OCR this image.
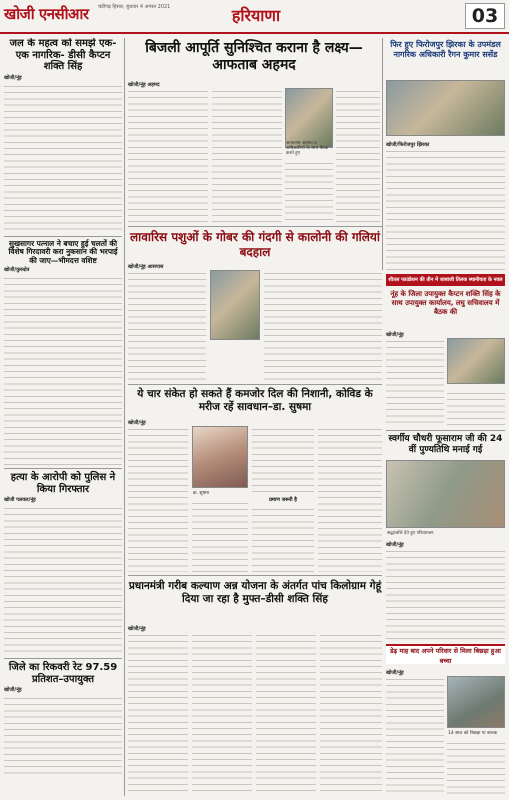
खोजी एनसीआर चंडीगढ़ हिसार, बुधवार 4 अगस्त 2021	हरियाणा	03
जल के महत्व को समझे एक-एक नागरिक- डीसी कैप्टन शक्ति सिंह
खोजी/नूंह
सुखसागर पत्नाल ने बचाए हुई चलतों की विशेष गिरदावरी करा नुकसान की भरपाई की जाए—भीमदत्त वशिष्ट
खोजी/कुरुक्षेत्र
हत्या के आरोपी को पुलिस ने किया गिरफ्तार
खोजी पलवल/नूंह
जिले का रिकवरी रेट 97.59 प्रतिशत–उपायुक्त
खोजी/नूंह
बिजली आपूर्ति सुनिश्चित कराना है लक्ष्य—आफताब अहमद
खोजी/नूंह अहमद
आफताब अहमद व अधिकारियों के साथ बैठक करते हुए
फिर हुए फिरोजपुर झिरका के उपमंडल नागरिक अधिकारी रैगन कुमार ससेंड
खोजी/फिरोजपुर झिरका
लावारिस पशुओं के गोबर की गंदगी से कालोनी की गलियां बदहाल
खोजी/नूंह आसपास
शीतल फाउंडेशन की तीन में जाबाजी तिलक स्थानीयता के नवल
नूंह के जिला उपायुक्त कैप्टन शक्ति सिंह के साथ उपायुक्त कार्यालय, लघु सचिवालय में बैठक की
खोजी/नूंह
ये चार संकेत हो सकते हैं कमजोर दिल की निशानी, कोविड के मरीज रहें सावधान–डा. सुषमा
खोजी/नूंह
डा. सुषमा
प्रमाण जरूरी है
स्वर्गीय चौधरी फूसाराम जी की 24 वीं पुण्यतिथि मनाई गई
श्रद्धांजलि देते हुए परिवारजन
खोजी/नूंह
प्रधानमंत्री गरीब कल्याण अन्न योजना के अंतर्गत पांच किलोग्राम गेहूं दिया जा रहा है मुफ्त–डीसी शक्ति सिंह
खोजी/नूंह
डेढ़ माह बाद अपने परिवार से मिला बिछड़ा हुआ बच्चा
खोजी/नूंह
14 साल को बिछड़ा पा बालक
